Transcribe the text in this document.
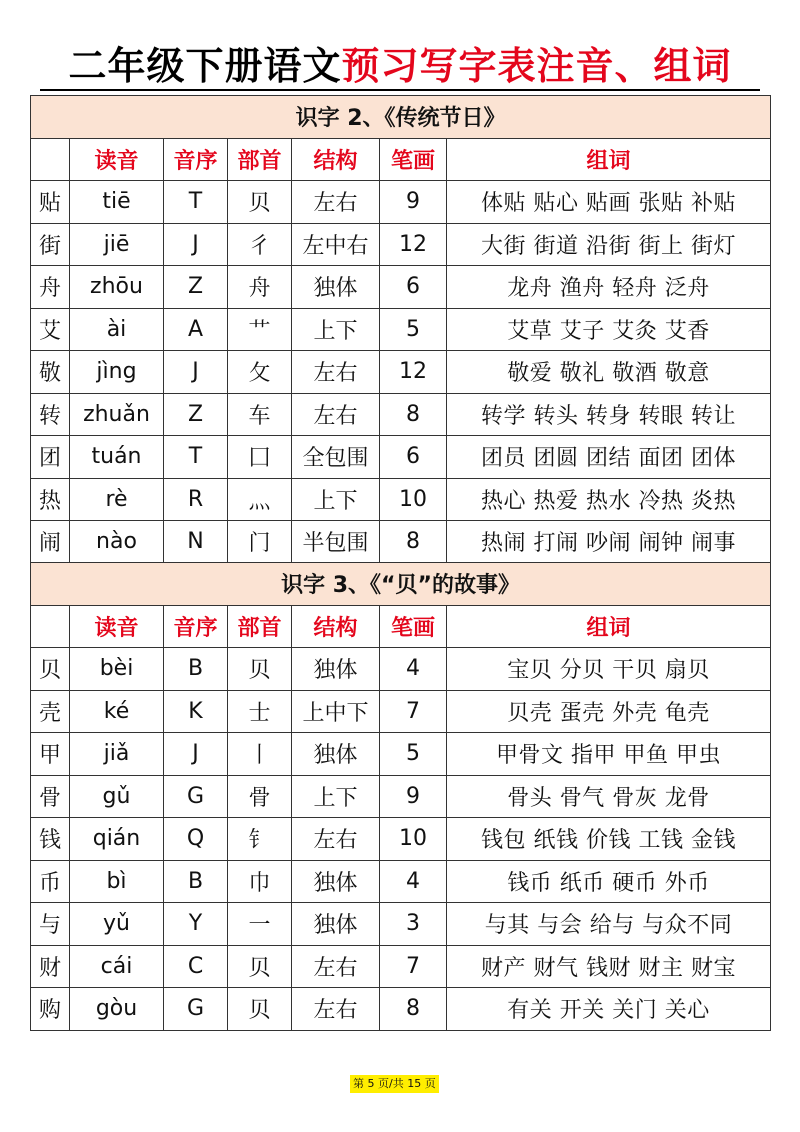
二年级下册语文预习写字表注音、组词
识字 2、《传统节日》						
	读音	音序	部首	结构	笔画	组词
贴	tiē	T	贝	左右	9	体贴 贴心 贴画 张贴 补贴
街	jiē	J	彳	左中右	12	大街 街道 沿街 街上 街灯
舟	zhōu	Z	舟	独体	6	龙舟 渔舟 轻舟 泛舟
艾	ài	A	艹	上下	5	艾草 艾子 艾灸 艾香
敬	jìng	J	攵	左右	12	敬爱 敬礼 敬酒 敬意
转	zhuǎn	Z	车	左右	8	转学 转头 转身 转眼 转让
团	tuán	T	囗	全包围	6	团员 团圆 团结 面团 团体
热	rè	R	灬	上下	10	热心 热爱 热水 冷热 炎热
闹	nào	N	门	半包围	8	热闹 打闹 吵闹 闹钟 闹事
识字 3、《“贝”的故事》						
	读音	音序	部首	结构	笔画	组词
贝	bèi	B	贝	独体	4	宝贝 分贝 干贝 扇贝
壳	ké	K	士	上中下	7	贝壳 蛋壳 外壳 龟壳
甲	jiǎ	J	丨	独体	5	甲骨文 指甲 甲鱼 甲虫
骨	gǔ	G	骨	上下	9	骨头 骨气 骨灰 龙骨
钱	qián	Q	钅	左右	10	钱包 纸钱 价钱 工钱 金钱
币	bì	B	巾	独体	4	钱币 纸币 硬币 外币
与	yǔ	Y	一	独体	3	与其 与会 给与 与众不同
财	cái	C	贝	左右	7	财产 财气 钱财 财主 财宝
购	gòu	G	贝	左右	8	有关 开关 关门 关心
第 5 页/共 15 页
